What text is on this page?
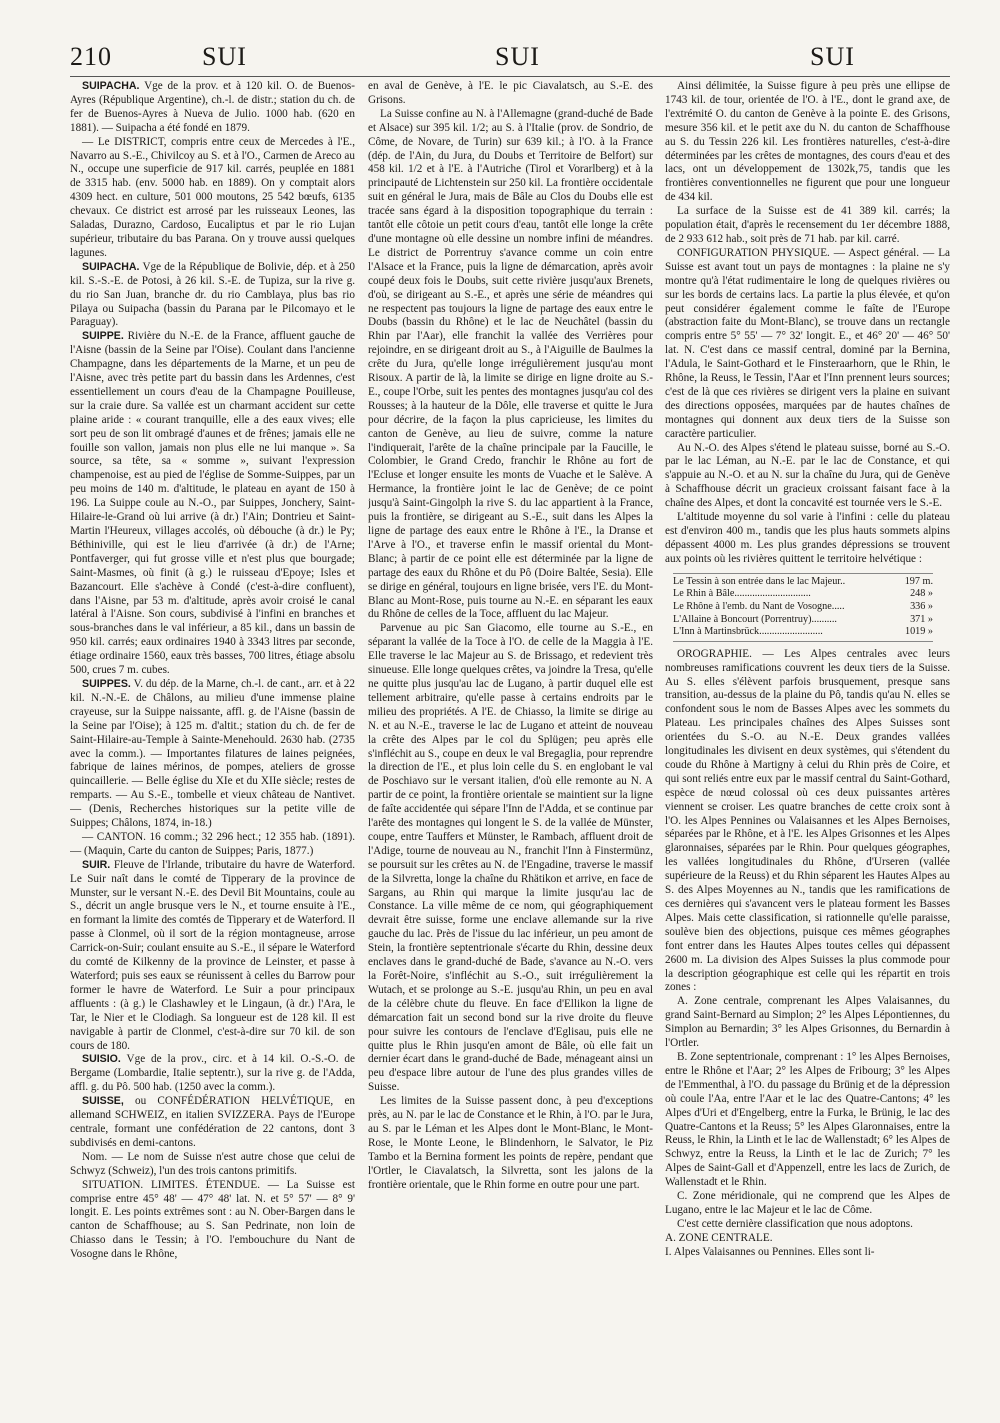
210	SUI	SUI	SUI

SUIPACHA. Vge de la prov. et à 120 kil. O. de Buenos-Ayres (République Argentine), ch.-l. de distr.; station du ch. de fer de Buenos-Ayres à Nueva de Julio. 1000 hab. (620 en 1881). — Suipacha a été fondé en 1879.

— Le DISTRICT, compris entre ceux de Mercedes à l'E., Navarro au S.-E., Chivilcoy au S. et à l'O., Carmen de Areco au N., occupe une superficie de 917 kil. carrés, peuplée en 1881 de 3315 hab. (env. 5000 hab. en 1889). On y comptait alors 4309 hect. en culture, 501 000 moutons, 25 542 bœufs, 6135 chevaux. Ce district est arrosé par les ruisseaux Leones, las Saladas, Durazno, Cardoso, Eucaliptus et par le rio Lujan supérieur, tributaire du bas Parana. On y trouve aussi quelques lagunes.

SUIPACHA. Vge de la République de Bolivie, dép. et à 250 kil. S.-S.-E. de Potosi, à 26 kil. S.-E. de Tupiza, sur la rive g. du rio San Juan, branche dr. du rio Camblaya, plus bas rio Pilaya ou Suipacha (bassin du Parana par le Pilcomayo et le Paraguay).

SUIPPE. Rivière du N.-E. de la France, affluent gauche de l'Aisne (bassin de la Seine par l'Oise). Coulant dans l'ancienne Champagne, dans les départements de la Marne, et un peu de l'Aisne, avec très petite part du bassin dans les Ardennes, c'est essentiellement un cours d'eau de la Champagne Pouilleuse, sur la craie dure. Sa vallée est un charmant accident sur cette plaine aride : « courant tranquille, elle a des eaux vives; elle sort peu de son lit ombragé d'aunes et de frênes; jamais elle ne fouille son vallon, jamais non plus elle ne lui manque ». Sa source, sa tête, sa « somme », suivant l'expression champenoise, est au pied de l'église de Somme-Suippes, par un peu moins de 140 m. d'altitude, le plateau en ayant de 150 à 196. La Suippe coule au N.-O., par Suippes, Jonchery, Saint-Hilaire-le-Grand où lui arrive (à dr.) l'Ain; Dontrieu et Saint-Martin l'Heureux, villages accolés, où débouche (à dr.) le Py; Béthiniville, qui est le lieu d'arrivée (à dr.) de l'Arne; Pontfaverger, qui fut grosse ville et n'est plus que bourgade; Saint-Masmes, où finit (à g.) le ruisseau d'Epoye; Isles et Bazancourt. Elle s'achève à Condé (c'est-à-dire confluent), dans l'Aisne, par 53 m. d'altitude, après avoir croisé le canal latéral à l'Aisne. Son cours, subdivisé à l'infini en branches et sous-branches dans le val inférieur, a 85 kil., dans un bassin de 950 kil. carrés; eaux ordinaires 1940 à 3343 litres par seconde, étiage ordinaire 1560, eaux très basses, 700 litres, étiage absolu 500, crues 7 m. cubes.

SUIPPES. V. du dép. de la Marne, ch.-l. de cant., arr. et à 22 kil. N.-N.-E. de Châlons, au milieu d'une immense plaine crayeuse, sur la Suippe naissante, affl. g. de l'Aisne (bassin de la Seine par l'Oise); à 125 m. d'altit.; station du ch. de fer de Saint-Hilaire-au-Temple à Sainte-Menehould. 2630 hab. (2735 avec la comm.). — Importantes filatures de laines peignées, fabrique de laines mérinos, de pompes, ateliers de grosse quincaillerie. — Belle église du XIe et du XIIe siècle; restes de remparts. — Au S.-E., tombelle et vieux château de Nantivet. — (Denis, Recherches historiques sur la petite ville de Suippes; Châlons, 1874, in-18.)

— CANTON. 16 comm.; 32 296 hect.; 12 355 hab. (1891). — (Maquin, Carte du canton de Suippes; Paris, 1877.)

SUIR. Fleuve de l'Irlande, tributaire du havre de Waterford. Le Suir naît dans le comté de Tipperary de la province de Munster, sur le versant N.-E. des Devil Bit Mountains, coule au S., décrit un angle brusque vers le N., et tourne ensuite à l'E., en formant la limite des comtés de Tipperary et de Waterford. Il passe à Clonmel, où il sort de la région montagneuse, arrose Carrick-on-Suir; coulant ensuite au S.-E., il sépare le Waterford du comté de Kilkenny de la province de Leinster, et passe à Waterford; puis ses eaux se réunissent à celles du Barrow pour former le havre de Waterford. Le Suir a pour principaux affluents : (à g.) le Clashawley et le Lingaun, (à dr.) l'Ara, le Tar, le Nier et le Clodiagh. Sa longueur est de 128 kil. Il est navigable à partir de Clonmel, c'est-à-dire sur 70 kil. de son cours de 180.

SUISIO. Vge de la prov., circ. et à 14 kil. O.-S.-O. de Bergame (Lombardie, Italie septentr.), sur la rive g. de l'Adda, affl. g. du Pô. 500 hab. (1250 avec la comm.).

SUISSE, ou CONFÉDÉRATION HELVÉTIQUE, en allemand SCHWEIZ, en italien SVIZZERA. Pays de l'Europe centrale, formant une confédération de 22 cantons, dont 3 subdivisés en demi-cantons.

Nom. — Le nom de Suisse n'est autre chose que celui de Schwyz (Schweiz), l'un des trois cantons primitifs.

SITUATION. LIMITES. ÉTENDUE. — La Suisse est comprise entre 45° 48' — 47° 48' lat. N. et 5° 57' — 8° 9' longit. E. Les points extrêmes sont : au N. Ober-Bargen dans le canton de Schaffhouse; au S. San Pedrinate, non loin de Chiasso dans le Tessin; à l'O. l'embouchure du Nant de Vosogne dans le Rhône,

en aval de Genève, à l'E. le pic Ciavalatsch, au S.-E. des Grisons.

La Suisse confine au N. à l'Allemagne (grand-duché de Bade et Alsace) sur 395 kil. 1/2; au S. à l'Italie (prov. de Sondrio, de Côme, de Novare, de Turin) sur 639 kil.; à l'O. à la France (dép. de l'Ain, du Jura, du Doubs et Territoire de Belfort) sur 458 kil. 1/2 et à l'E. à l'Autriche (Tirol et Vorarlberg) et à la principauté de Lichtenstein sur 250 kil. La frontière occidentale suit en général le Jura, mais de Bâle au Clos du Doubs elle est tracée sans égard à la disposition topographique du terrain : tantôt elle côtoie un petit cours d'eau, tantôt elle longe la crête d'une montagne où elle dessine un nombre infini de méandres. Le district de Porrentruy s'avance comme un coin entre l'Alsace et la France, puis la ligne de démarcation, après avoir coupé deux fois le Doubs, suit cette rivière jusqu'aux Brenets, d'où, se dirigeant au S.-E., et après une série de méandres qui ne respectent pas toujours la ligne de partage des eaux entre le Doubs (bassin du Rhône) et le lac de Neuchâtel (bassin du Rhin par l'Aar), elle franchit la vallée des Verrières pour rejoindre, en se dirigeant droit au S., à l'Aiguille de Baulmes la crête du Jura, qu'elle longe irrégulièrement jusqu'au mont Risoux. A partir de là, la limite se dirige en ligne droite au S.-E., coupe l'Orbe, suit les pentes des montagnes jusqu'au col des Rousses; à la hauteur de la Dôle, elle traverse et quitte le Jura pour décrire, de la façon la plus capricieuse, les limites du canton de Genève, au lieu de suivre, comme la nature l'indiquerait, l'arête de la chaîne principale par la Faucille, le Colombier, le Grand Credo, franchir le Rhône au fort de l'Ecluse et longer ensuite les monts de Vuache et le Salève. A Hermance, la frontière joint le lac de Genève; de ce point jusqu'à Saint-Gingolph la rive S. du lac appartient à la France, puis la frontière, se dirigeant au S.-E., suit dans les Alpes la ligne de partage des eaux entre le Rhône à l'E., la Dranse et l'Arve à l'O., et traverse enfin le massif oriental du Mont-Blanc; à partir de ce point elle est déterminée par la ligne de partage des eaux du Rhône et du Pô (Doire Baltée, Sesia). Elle se dirige en général, toujours en ligne brisée, vers l'E. du Mont-Blanc au Mont-Rose, puis tourne au N.-E. en séparant les eaux du Rhône de celles de la Toce, affluent du lac Majeur.

Parvenue au pic San Giacomo, elle tourne au S.-E., en séparant la vallée de la Toce à l'O. de celle de la Maggia à l'E. Elle traverse le lac Majeur au S. de Brissago, et redevient très sinueuse. Elle longe quelques crêtes, va joindre la Tresa, qu'elle ne quitte plus jusqu'au lac de Lugano, à partir duquel elle est tellement arbitraire, qu'elle passe à certains endroits par le milieu des propriétés. A l'E. de Chiasso, la limite se dirige au N. et au N.-E., traverse le lac de Lugano et atteint de nouveau la crête des Alpes par le col du Splügen; peu après elle s'infléchit au S., coupe en deux le val Bregaglia, pour reprendre la direction de l'E., et plus loin celle du S. en englobant le val de Poschiavo sur le versant italien, d'où elle remonte au N. A partir de ce point, la frontière orientale se maintient sur la ligne de faîte accidentée qui sépare l'Inn de l'Adda, et se continue par l'arête des montagnes qui longent le S. de la vallée de Münster, coupe, entre Tauffers et Münster, le Rambach, affluent droit de l'Adige, tourne de nouveau au N., franchit l'Inn à Finstermünz, se poursuit sur les crêtes au N. de l'Engadine, traverse le massif de la Silvretta, longe la chaîne du Rhätikon et arrive, en face de Sargans, au Rhin qui marque la limite jusqu'au lac de Constance. La ville même de ce nom, qui géographiquement devrait être suisse, forme une enclave allemande sur la rive gauche du lac. Près de l'issue du lac inférieur, un peu amont de Stein, la frontière septentrionale s'écarte du Rhin, dessine deux enclaves dans le grand-duché de Bade, s'avance au N.-O. vers la Forêt-Noire, s'infléchit au S.-O., suit irrégulièrement la Wutach, et se prolonge au S.-E. jusqu'au Rhin, un peu en aval de la célèbre chute du fleuve. En face d'Ellikon la ligne de démarcation fait un second bond sur la rive droite du fleuve pour suivre les contours de l'enclave d'Eglisau, puis elle ne quitte plus le Rhin jusqu'en amont de Bâle, où elle fait un dernier écart dans le grand-duché de Bade, ménageant ainsi un peu d'espace libre autour de l'une des plus grandes villes de Suisse.

Les limites de la Suisse passent donc, à peu d'exceptions près, au N. par le lac de Constance et le Rhin, à l'O. par le Jura, au S. par le Léman et les Alpes dont le Mont-Blanc, le Mont-Rose, le Monte Leone, le Blindenhorn, le Salvator, le Piz Tambo et la Bernina forment les points de repère, pendant que l'Ortler, le Ciavalatsch, la Silvretta, sont les jalons de la frontière orientale, que le Rhin forme en outre pour une part.

Ainsi délimitée, la Suisse figure à peu près une ellipse de 1743 kil. de tour, orientée de l'O. à l'E., dont le grand axe, de l'extrémité O. du canton de Genève à la pointe E. des Grisons, mesure 356 kil. et le petit axe du N. du canton de Schaffhouse au S. du Tessin 226 kil. Les frontières naturelles, c'est-à-dire déterminées par les crêtes de montagnes, des cours d'eau et des lacs, ont un développement de 1302k,75, tandis que les frontières conventionnelles ne figurent que pour une longueur de 434 kil.

La surface de la Suisse est de 41 389 kil. carrés; la population était, d'après le recensement du 1er décembre 1888, de 2 933 612 hab., soit près de 71 hab. par kil. carré.

CONFIGURATION PHYSIQUE. — Aspect général. — La Suisse est avant tout un pays de montagnes : la plaine ne s'y montre qu'à l'état rudimentaire le long de quelques rivières ou sur les bords de certains lacs. La partie la plus élevée, et qu'on peut considérer également comme le faîte de l'Europe (abstraction faite du Mont-Blanc), se trouve dans un rectangle compris entre 5° 55' — 7° 32' longit. E., et 46° 20' — 46° 50' lat. N. C'est dans ce massif central, dominé par la Bernina, l'Adula, le Saint-Gothard et le Finsteraarhorn, que le Rhin, le Rhône, la Reuss, le Tessin, l'Aar et l'Inn prennent leurs sources; c'est de là que ces rivières se dirigent vers la plaine en suivant des directions opposées, marquées par de hautes chaînes de montagnes qui donnent aux deux tiers de la Suisse son caractère particulier.

Au N.-O. des Alpes s'étend le plateau suisse, borné au S.-O. par le lac Léman, au N.-E. par le lac de Constance, et qui s'appuie au N.-O. et au N. sur la chaîne du Jura, qui de Genève à Schaffhouse décrit un gracieux croissant faisant face à la chaîne des Alpes, et dont la concavité est tournée vers le S.-E.

L'altitude moyenne du sol varie à l'infini : celle du plateau est d'environ 400 m., tandis que les plus hauts sommets alpins dépassent 4000 m. Les plus grandes dépressions se trouvent aux points où les rivières quittent le territoire helvétique :

Le Tessin à son entrée dans le lac Majeur..	197 m.
Le Rhin à Bâle..............................	248 »
Le Rhône à l'emb. du Nant de Vosogne.....	336 »
L'Allaine à Boncourt (Porrentruy)..........	371 »
L'Inn à Martinsbrück.........................	1019 »

OROGRAPHIE. — Les Alpes centrales avec leurs nombreuses ramifications couvrent les deux tiers de la Suisse. Au S. elles s'élèvent parfois brusquement, presque sans transition, au-dessus de la plaine du Pô, tandis qu'au N. elles se confondent sous le nom de Basses Alpes avec les sommets du Plateau. Les principales chaînes des Alpes Suisses sont orientées du S.-O. au N.-E. Deux grandes vallées longitudinales les divisent en deux systèmes, qui s'étendent du coude du Rhône à Martigny à celui du Rhin près de Coire, et qui sont reliés entre eux par le massif central du Saint-Gothard, espèce de nœud colossal où ces deux puissantes artères viennent se croiser. Les quatre branches de cette croix sont à l'O. les Alpes Pennines ou Valaisannes et les Alpes Bernoises, séparées par le Rhône, et à l'E. les Alpes Grisonnes et les Alpes glaronnaises, séparées par le Rhin. Pour quelques géographes, les vallées longitudinales du Rhône, d'Urseren (vallée supérieure de la Reuss) et du Rhin séparent les Hautes Alpes au S. des Alpes Moyennes au N., tandis que les ramifications de ces dernières qui s'avancent vers le plateau forment les Basses Alpes. Mais cette classification, si rationnelle qu'elle paraisse, soulève bien des objections, puisque ces mêmes géographes font entrer dans les Hautes Alpes toutes celles qui dépassent 2600 m. La division des Alpes Suisses la plus commode pour la description géographique est celle qui les répartit en trois zones :

A. Zone centrale, comprenant les Alpes Valaisannes, du grand Saint-Bernard au Simplon; 2° les Alpes Lépontiennes, du Simplon au Bernardin; 3° les Alpes Grisonnes, du Bernardin à l'Ortler.

B. Zone septentrionale, comprenant : 1° les Alpes Bernoises, entre le Rhône et l'Aar; 2° les Alpes de Fribourg; 3° les Alpes de l'Emmenthal, à l'O. du passage du Brünig et de la dépression où coule l'Aa, entre l'Aar et le lac des Quatre-Cantons; 4° les Alpes d'Uri et d'Engelberg, entre la Furka, le Brünig, le lac des Quatre-Cantons et la Reuss; 5° les Alpes Glaronnaises, entre la Reuss, le Rhin, la Linth et le lac de Wallenstadt; 6° les Alpes de Schwyz, entre la Reuss, la Linth et le lac de Zurich; 7° les Alpes de Saint-Gall et d'Appenzell, entre les lacs de Zurich, de Wallenstadt et le Rhin.

C. Zone méridionale, qui ne comprend que les Alpes de Lugano, entre le lac Majeur et le lac de Côme.

C'est cette dernière classification que nous adoptons.

A. ZONE CENTRALE.

I. Alpes Valaisannes ou Pennines. Elles sont li-
